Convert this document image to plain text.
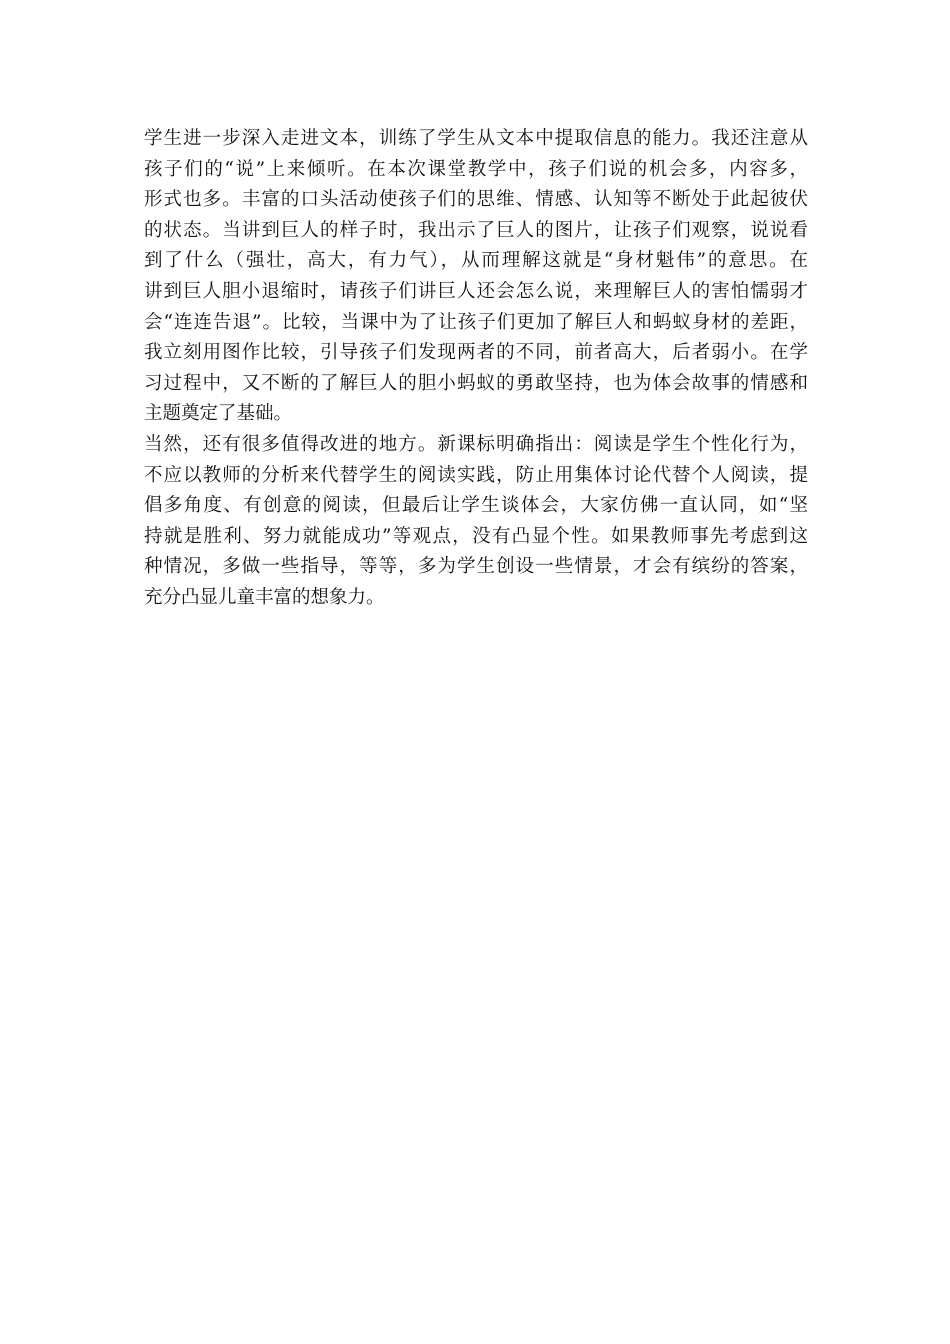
学生进一步深入走进文本，训练了学生从文本中提取信息的能力。我还注意从
孩子们的“说”上来倾听。在本次课堂教学中，孩子们说的机会多，内容多，
形式也多。丰富的口头活动使孩子们的思维、情感、认知等不断处于此起彼伏
的状态。当讲到巨人的样子时，我出示了巨人的图片，让孩子们观察，说说看
到了什么（强壮，高大，有力气），从而理解这就是“身材魁伟”的意思。在
讲到巨人胆小退缩时，请孩子们讲巨人还会怎么说，来理解巨人的害怕懦弱才
会“连连告退”。比较，当课中为了让孩子们更加了解巨人和蚂蚁身材的差距，
我立刻用图作比较，引导孩子们发现两者的不同，前者高大，后者弱小。在学
习过程中，又不断的了解巨人的胆小蚂蚁的勇敢坚持，也为体会故事的情感和
主题奠定了基础。
当然，还有很多值得改进的地方。新课标明确指出：阅读是学生个性化行为，
不应以教师的分析来代替学生的阅读实践，防止用集体讨论代替个人阅读，提
倡多角度、有创意的阅读，但最后让学生谈体会，大家仿佛一直认同，如“坚
持就是胜利、努力就能成功”等观点，没有凸显个性。如果教师事先考虑到这
种情况，多做一些指导，等等，多为学生创设一些情景，才会有缤纷的答案，
充分凸显儿童丰富的想象力。
